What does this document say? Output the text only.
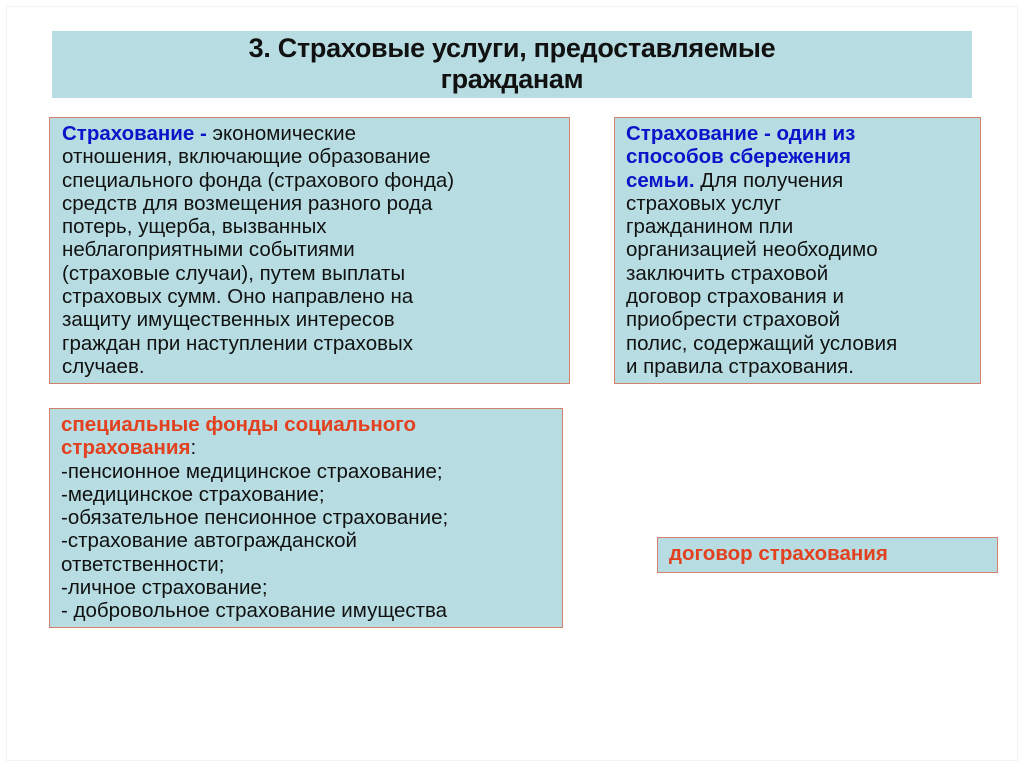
3. Страховые услуги, предоставляемые
гражданам
Страхование - экономические
отношения, включающие образование
специального фонда (страхового фонда)
средств для возмещения разного рода
потерь, ущерба, вызванных
неблагоприятными событиями
(страховые случаи), путем выплаты
страховых сумм. Оно направлено на
защиту имущественных интересов
граждан при наступлении страховых
случаев.
Страхование - один из
способов сбережения
семьи. Для получения
страховых услуг
гражданином пли
организацией необходимо
заключить страховой
договор страхования и
приобрести страховой
полис, содержащий условия
и правила страхования.
специальные фонды социального
страхования:
-пенсионное медицинское страхование;
-медицинское страхование;
-обязательное пенсионное страхование;
-страхование автогражданской
ответственности;
-личное страхование;
- добровольное страхование имущества
договор страхования
